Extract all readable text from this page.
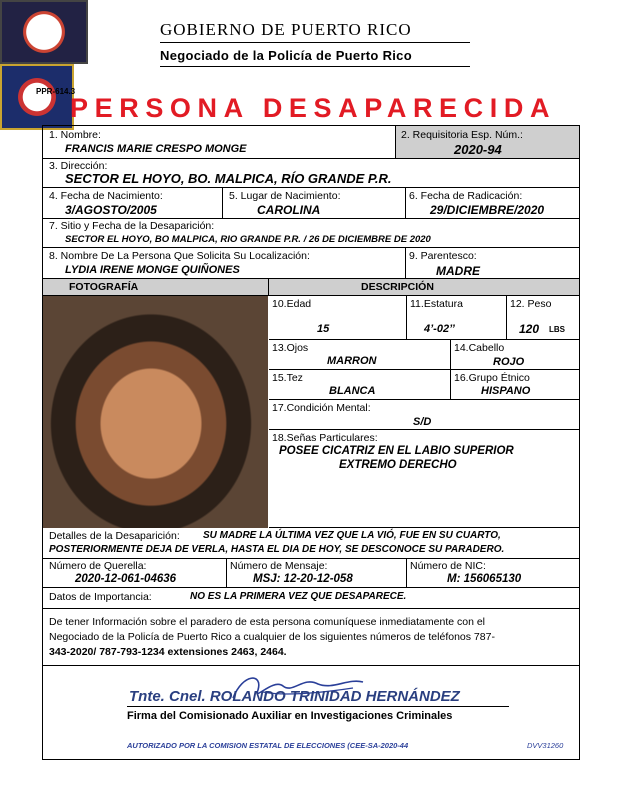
GOBIERNO DE PUERTO RICO
Negociado de la Policía de Puerto Rico
PPR-614.3
PERSONA DESAPARECIDA
1. Nombre:
FRANCIS MARIE CRESPO MONGE
2. Requisitoria Esp. Núm.:
2020-94
3. Dirección:
SECTOR EL HOYO, BO. MALPICA, RÍO GRANDE P.R.
4. Fecha de Nacimiento:
3/AGOSTO/2005
5. Lugar de Nacimiento:
CAROLINA
6. Fecha de Radicación:
29/DICIEMBRE/2020
7. Sitio y Fecha de la Desaparición:
SECTOR EL HOYO, BO MALPICA, RIO GRANDE P.R. / 26 DE DICIEMBRE DE 2020
8. Nombre De La Persona Que Solicita Su Localización:
LYDIA IRENE MONGE QUIÑONES
9. Parentesco:
MADRE
FOTOGRAFÍA	DESCRIPCIÓN
10.Edad
15
11.Estatura
4’-02’’
12. Peso
120 LBS
13.Ojos
MARRON
14.Cabello
ROJO
15.Tez
BLANCA
16.Grupo Étnico
HISPANO
17.Condición Mental:
S/D
18.Señas Particulares:
POSEE CICATRIZ EN EL LABIO SUPERIOR
EXTREMO DERECHO
Detalles de la Desaparición: SU MADRE LA ÚLTIMA VEZ QUE LA VIÓ, FUE EN SU CUARTO,
POSTERIORMENTE DEJA DE VERLA, HASTA EL DIA DE HOY, SE DESCONOCE SU PARADERO.
Número de Querella:
2020-12-061-04636
Número de Mensaje:
MSJ: 12-20-12-058
Número de NIC:
M: 156065130
Datos de Importancia:	NO ES LA PRIMERA VEZ QUE DESAPARECE.
De tener Información sobre el paradero de esta persona comuníquese inmediatamente con el
Negociado de la Policía de Puerto Rico a cualquier de los siguientes números de teléfonos 787-
343-2020/ 787-793-1234 extensiones 2463, 2464.
Tnte. Cnel. ROLANDO TRINIDAD HERNÁNDEZ
Firma del Comisionado Auxiliar en Investigaciones Criminales
AUTORIZADO POR LA COMISION ESTATAL DE ELECCIONES (CEE-SA-2020-44	DVV31260
